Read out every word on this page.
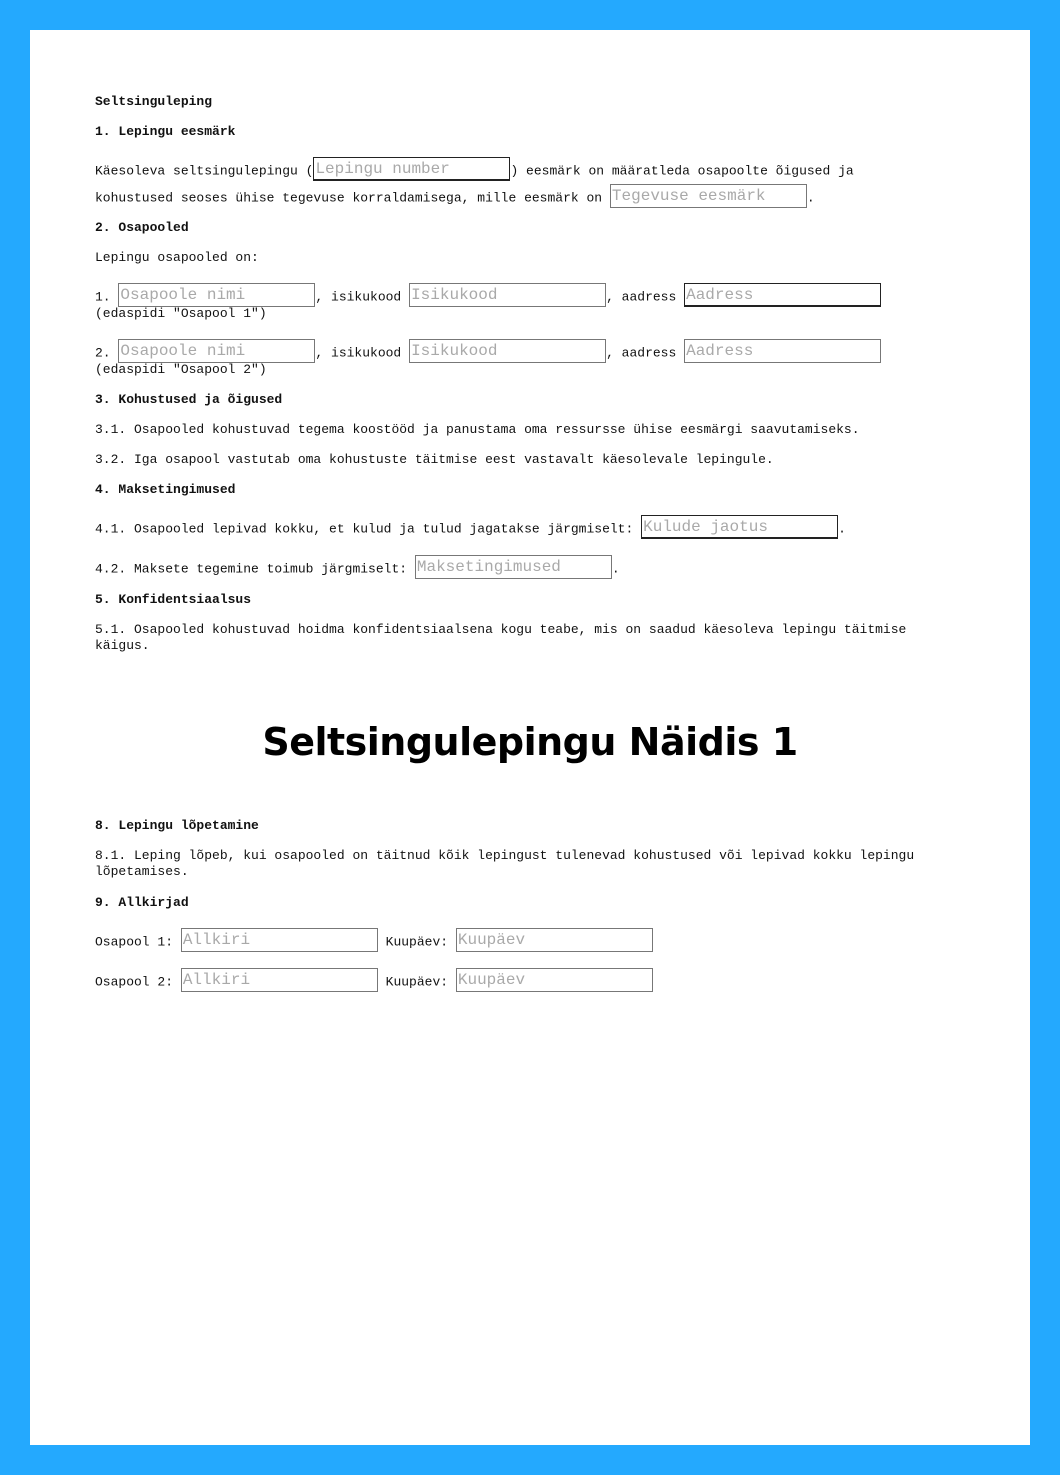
Seltsinguleping
1. Lepingu eesmärk
Käesoleva seltsingulepingu (Lepingu number	) eesmärk on määratleda osapoolte õigused ja
kohustused seoses ühise tegevuse korraldamisega, mille eesmärk on Tegevuse eesmärk	.
2. Osapooled
Lepingu osapooled on:
1. Osapoole nimi	, isikukood Isikukood	, aadress Aadress
(edaspidi "Osapool 1")
2. Osapoole nimi	, isikukood Isikukood	, aadress Aadress
(edaspidi "Osapool 2")
3. Kohustused ja õigused
3.1. Osapooled kohustuvad tegema koostööd ja panustama oma ressursse ühise eesmärgi saavutamiseks.
3.2. Iga osapool vastutab oma kohustuste täitmise eest vastavalt käesolevale lepingule.
4. Maksetingimused
4.1. Osapooled lepivad kokku, et kulud ja tulud jagatakse järgmiselt: Kulude jaotus	.
4.2. Maksete tegemine toimub järgmiselt: Maksetingimused	.
5. Konfidentsiaalsus
5.1. Osapooled kohustuvad hoidma konfidentsiaalsena kogu teabe, mis on saadud käesoleva lepingu täitmise käigus.
8. Lepingu lõpetamine
8.1. Leping lõpeb, kui osapooled on täitnud kõik lepingust tulenevad kohustused või lepivad kokku lepingu lõpetamises.
9. Allkirjad
Osapool 1: Allkiri	Kuupäev: Kuupäev
Osapool 2: Allkiri	Kuupäev: Kuupäev
Seltsingulepingu Näidis 1
